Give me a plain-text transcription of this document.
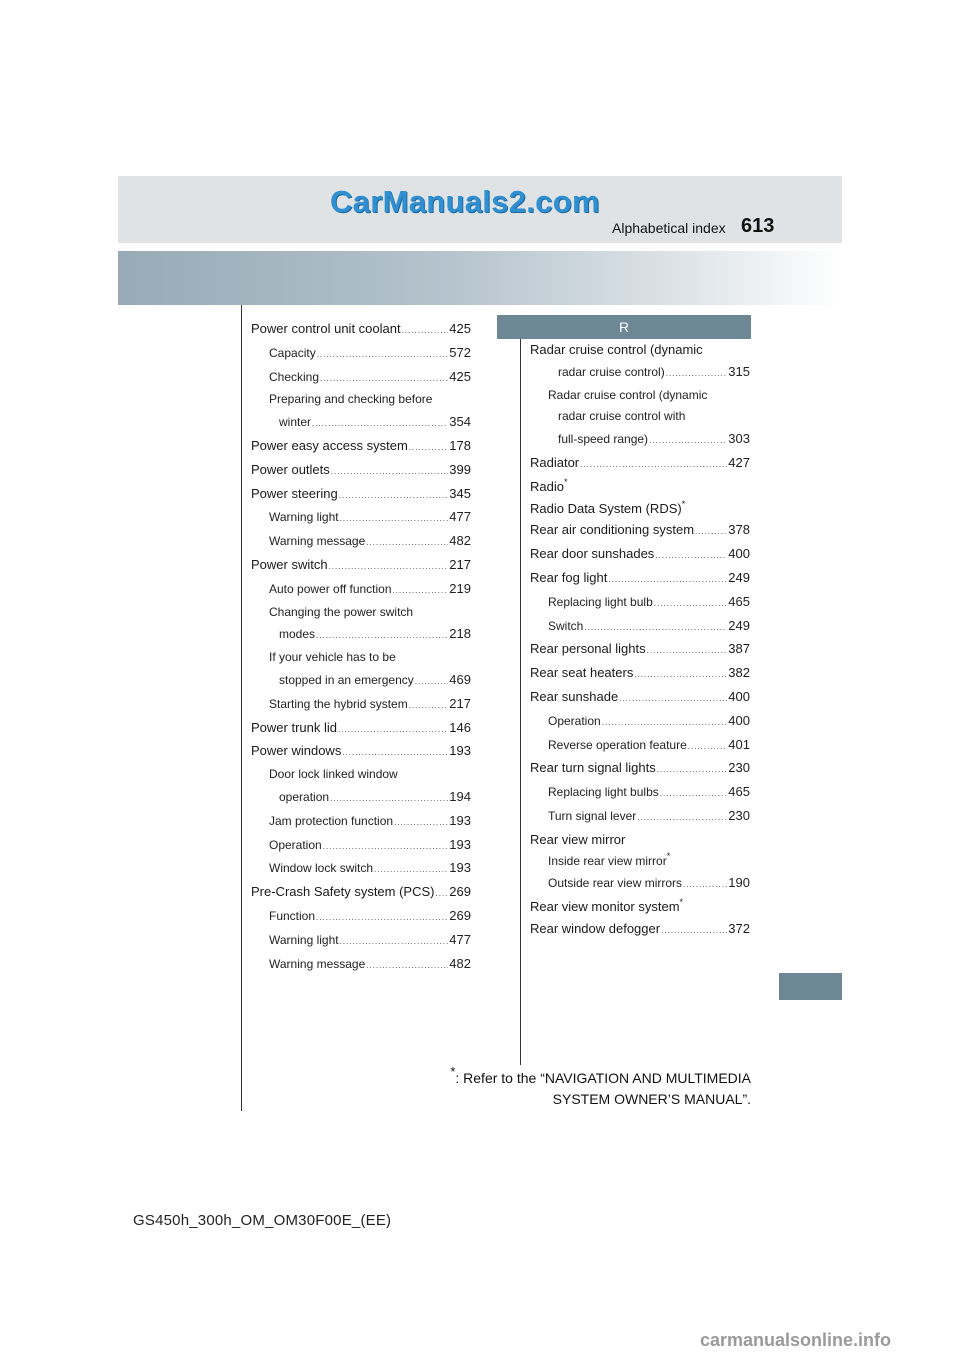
CarManuals2.com
Alphabetical index 613
Power control unit coolant .....	425
Capacity .....	572
Checking .....	425
Preparing and checking before
winter .....	354
Power easy access system .....	178
Power outlets .....	399
Power steering .....	345
Warning light .....	477
Warning message .....	482
Power switch .....	217
Auto power off function .....	219
Changing the power switch
modes .....	218
If your vehicle has to be
stopped in an emergency .....	469
Starting the hybrid system .....	217
Power trunk lid .....	146
Power windows .....	193
Door lock linked window
operation .....	194
Jam protection function .....	193
Operation .....	193
Window lock switch .....	193
Pre-Crash Safety system (PCS) ..... 269
Function .....	269
Warning light .....	477
Warning message .....	482
R
Radar cruise control (dynamic
radar cruise control) .....	315
Radar cruise control (dynamic
radar cruise control with
full-speed range) .....	303
Radiator .....	427
Radio*
Radio Data System (RDS)*
Rear air conditioning system .....	378
Rear door sunshades .....	400
Rear fog light .....	249
Replacing light bulb .....	465
Switch .....	249
Rear personal lights .....	387
Rear seat heaters .....	382
Rear sunshade .....	400
Operation .....	400
Reverse operation feature .....	401
Rear turn signal lights .....	230
Replacing light bulbs .....	465
Turn signal lever .....	230
Rear view mirror
Inside rear view mirror*
Outside rear view mirrors .....	190
Rear view monitor system*
Rear window defogger .....	372
*: Refer to the “NAVIGATION AND MULTIMEDIA
SYSTEM OWNER’S MANUAL”.
GS450h_300h_OM_OM30F00E_(EE)
carmanualsonline.info
